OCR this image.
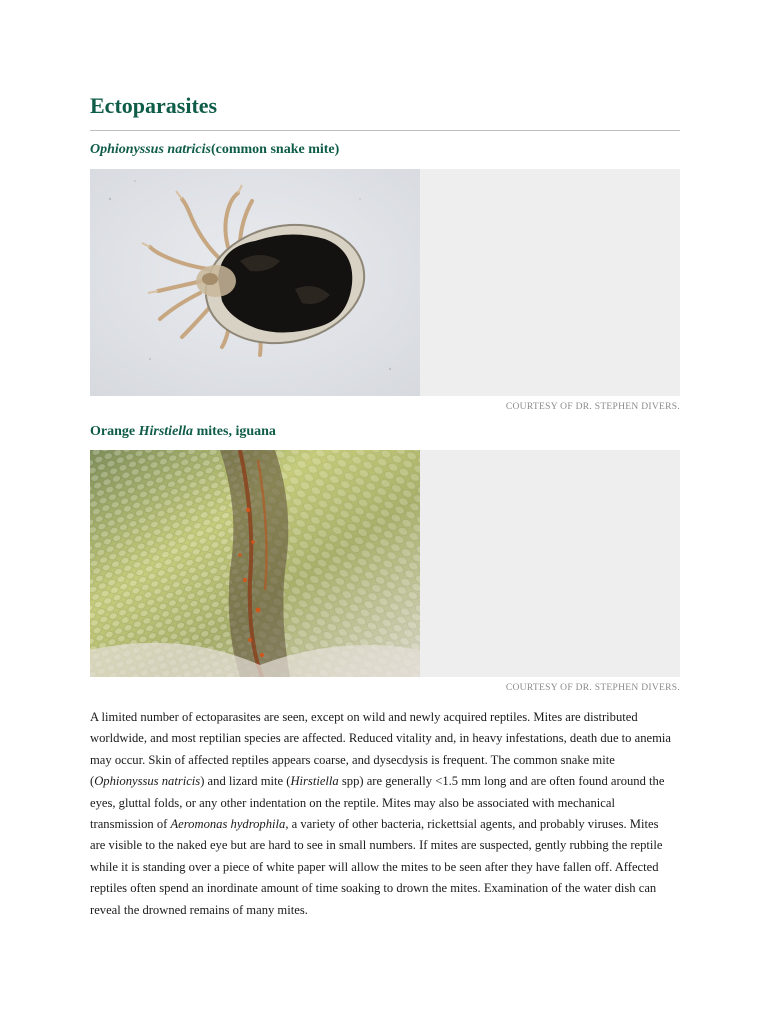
Ectoparasites
Ophionyssus natricis(common snake mite)
COURTESY OF DR. STEPHEN DIVERS.
Orange Hirstiella mites, iguana
COURTESY OF DR. STEPHEN DIVERS.

A limited number of ectoparasites are seen, except on wild and newly acquired reptiles. Mites are distributed worldwide, and most reptilian species are affected. Reduced vitality and, in heavy infestations, death due to anemia may occur. Skin of affected reptiles appears coarse, and dysecdysis is frequent. The common snake mite (Ophionyssus natricis) and lizard mite (Hirstiella spp) are generally <1.5 mm long and are often found around the eyes, gluttal folds, or any other indentation on the reptile. Mites may also be associated with mechanical transmission of Aeromonas hydrophila, a variety of other bacteria, rickettsial agents, and probably viruses. Mites are visible to the naked eye but are hard to see in small numbers. If mites are suspected, gently rubbing the reptile while it is standing over a piece of white paper will allow the mites to be seen after they have fallen off. Affected reptiles often spend an inordinate amount of time soaking to drown the mites. Examination of the water dish can reveal the drowned remains of many mites.
